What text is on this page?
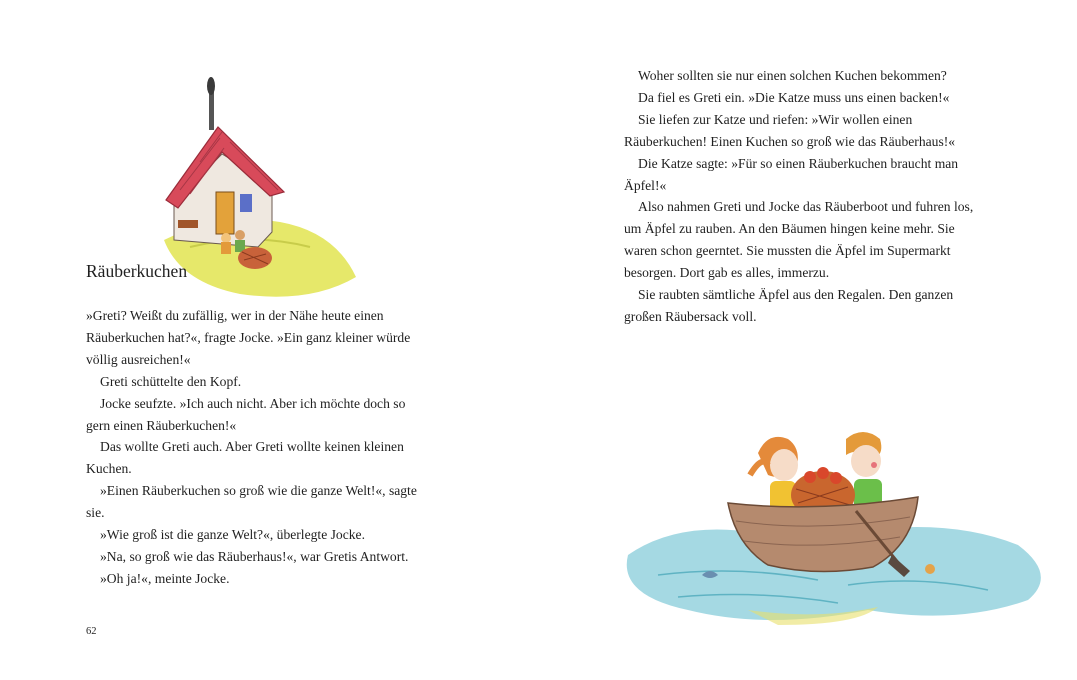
Räuberkuchen

»Greti? Weißt du zufällig, wer in der Nähe heute einen Räuberkuchen hat?«, fragte Jocke. »Ein ganz kleiner würde völlig ausreichen!«

Greti schüttelte den Kopf.

Jocke seufzte. »Ich auch nicht. Aber ich möchte doch so gern einen Räuberkuchen!«

Das wollte Greti auch. Aber Greti wollte keinen kleinen Kuchen.

»Einen Räuberkuchen so groß wie die ganze Welt!«, sagte sie.

»Wie groß ist die ganze Welt?«, überlegte Jocke.

»Na, so groß wie das Räuberhaus!«, war Gretis Antwort.

»Oh ja!«, meinte Jocke.

62

Woher sollten sie nur einen solchen Kuchen bekommen?

Da fiel es Greti ein. »Die Katze muss uns einen backen!«

Sie liefen zur Katze und riefen: »Wir wollen einen Räuberkuchen! Einen Kuchen so groß wie das Räuberhaus!«

Die Katze sagte: »Für so einen Räuberkuchen braucht man Äpfel!«

Also nahmen Greti und Jocke das Räuberboot und fuhren los, um Äpfel zu rauben. An den Bäumen hingen keine mehr. Sie waren schon geerntet. Sie mussten die Äpfel im Supermarkt besorgen. Dort gab es alles, immerzu.

Sie raubten sämtliche Äpfel aus den Regalen. Den ganzen großen Räubersack voll.
